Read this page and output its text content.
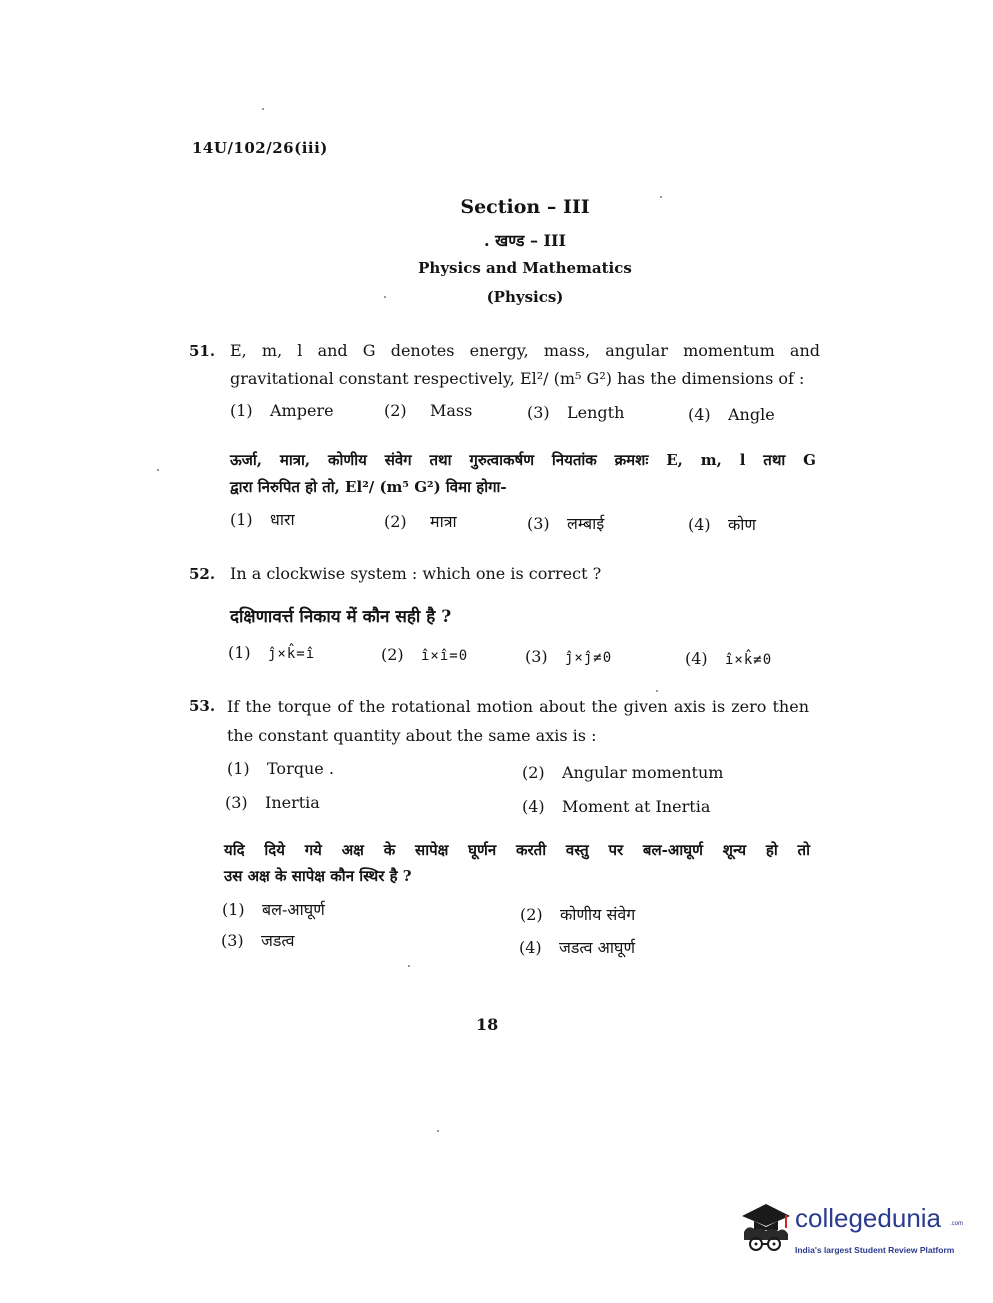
14U/102/26(iii)
Section – III
. खण्ड – III
Physics and Mathematics
(Physics)
51. E, m, l and G denotes energy, mass, angular momentum and
gravitational constant respectively, El²/ (m⁵ G²) has the dimensions of :
(1) Ampere	(2) Mass	(3) Length	(4) Angle
ऊर्जा, मात्रा, कोणीय संवेग तथा गुरुत्वाकर्षण नियतांक क्रमशः E, m, l तथा G
द्वारा निरुपित हो तो, El²/ (m⁵ G²) विमा होगा-
(1) धारा	(2) मात्रा	(3) लम्बाई	(4) कोण
52. In a clockwise system : which one is correct ?
दक्षिणावर्त्त निकाय में कौन सही है ?
(1) ĵ×k̂=î	(2) î×î=0	(3) ĵ×ĵ≠0	(4) î×k̂≠0
53. If the torque of the rotational motion about the given axis is zero then
the constant quantity about the same axis is :
(1) Torque .	(2) Angular momentum
(3) Inertia	(4) Moment at Inertia
यदि दिये गये अक्ष के सापेक्ष घूर्णन करती वस्तु पर बल-आघूर्ण शून्य हो तो
उस अक्ष के सापेक्ष कौन स्थिर है ?
(1) बल-आघूर्ण	(2) कोणीय संवेग
(3) जडत्व	(4) जडत्व आघूर्ण
18
collegedunia .com
India's largest Student Review Platform
